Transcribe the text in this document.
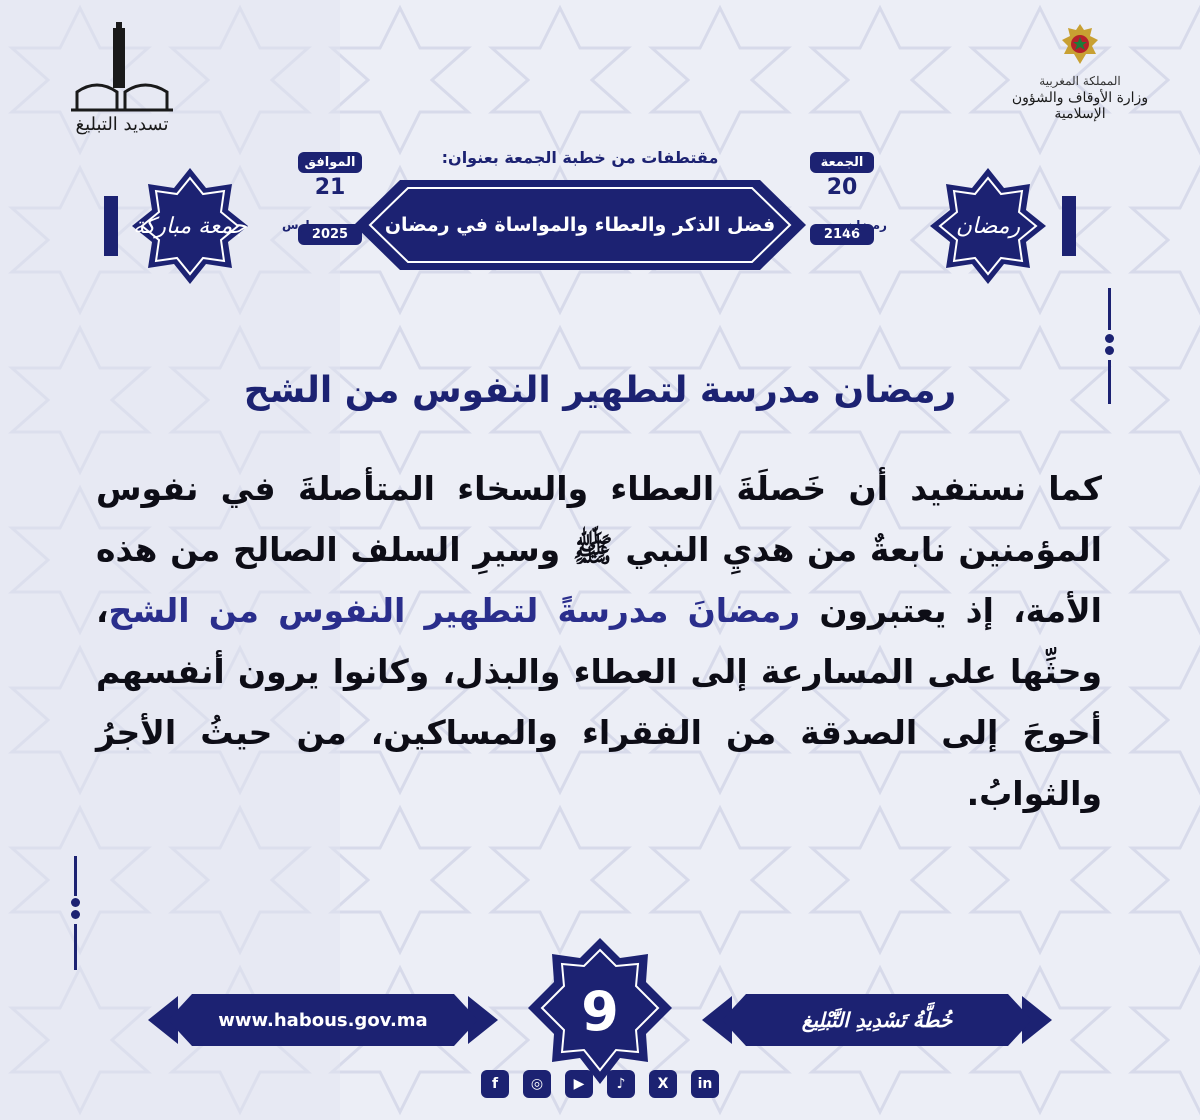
تسديد التبليغ
المملكة المغربية
وزارة الأوقاف والشؤون الإسلامية
جمعة مباركة	رمضان
الموافق
21
2025
مارس
الجمعة
20
2146
رمضان
مقتطفات من خطبة الجمعة بعنوان:
فضل الذكر والعطاء والمواساة في رمضان
رمضان مدرسة لتطهير النفوس من الشح
كما نستفيد أن خَصلَةَ العطاء والسخاء المتأصلةَ في نفوس المؤمنين نابعةٌ من هديِ النبي ﷺ وسيرِ السلف الصالح من هذه الأمة، إذ يعتبرون رمضانَ مدرسةً لتطهير النفوس من الشح، وحثِّها على المسارعة إلى العطاء والبذل، وكانوا يرون أنفسهم أحوجَ إلى الصدقة من الفقراء والمساكين، من حيثُ الأجرُ والثوابُ.
www.habous.gov.ma	خُطَّةُ تَسْدِيدِ التَّبْلِيغ
9
f	◎	▶	♪	X	in
